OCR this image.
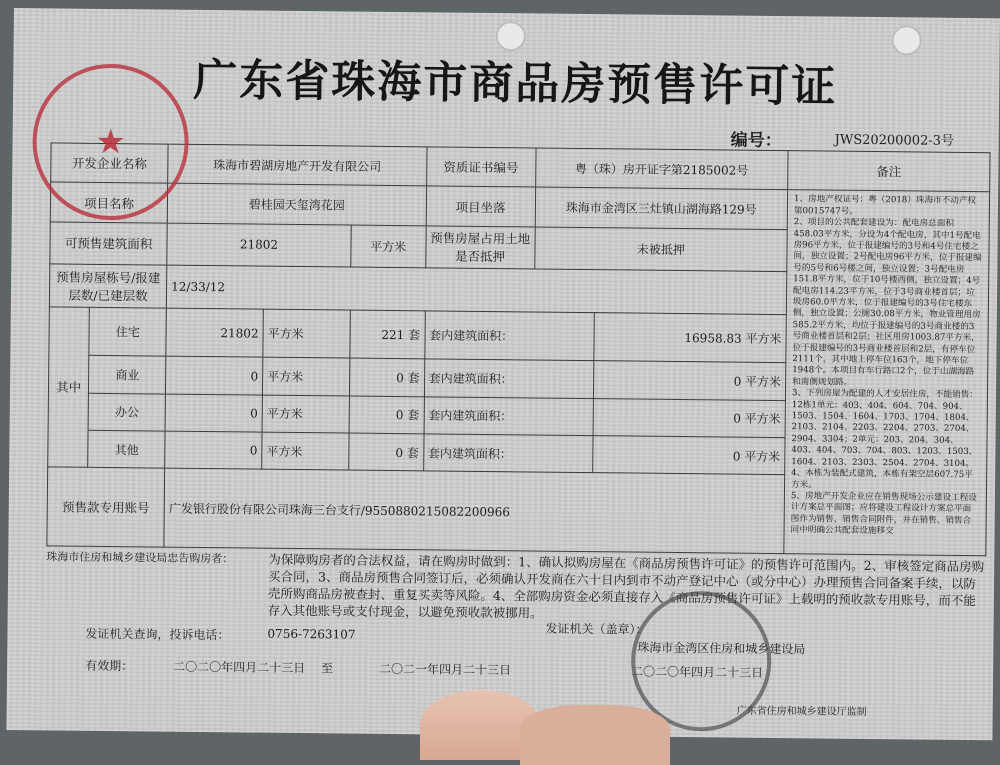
广东省珠海市商品房预售许可证
编号：	JWS20200002-3号
开发企业名称		珠海市碧湖房地产开发有限公司			资质证书编号	粤（珠）房开证字第2185002号		备注
项目名称		碧桂园天玺湾花园			项目坐落	珠海市金湾区三灶镇山湖海路129号		1、房地产权证号：粤（2018）珠海市不动产权第0015747号。
2、项目的公共配套建设为：配电房总面积458.03平方米，分设为4个配电房，其中1号配电房96平方米，位于报建编号的3号和4号住宅楼之间，独立设置；2号配电房96平方米，位于报建编号的5号和6号楼之间，独立设置；3号配电房151.8平方米，位于10号楼西侧，独立设置；4号配电房114.23平方米，位于3号商业楼首层；垃圾房60.0平方米，位于报建编号的3号住宅楼东侧，独立设置；公厕30.08平方米，物业管理用房585.2平方米，均位于报建编号的3号商业楼的3号商业楼首层和2层；社区用房1003.87平方米，位于报建编号的3号商业楼首层和2层，有停车位2111个，其中地上停车位163个，地下停车位1948个。本项目有车行路口2个，位于山湖海路和南侧规划路。
3、下列房屋为配建的人才安居住房，不能销售：12栋1单元：403、404、604、704、904、1503、1504、1604、1703、1704、1804、2103、2104、2203、2204、2703、2704、2904、3304；2单元：203、204、304、403、404、703、704、803、1203、1503、1604、2103、2303、2504、2704、3104。
4、本栋为装配式建筑，本栋有架空层607.75平方米。
5、房地产开发企业应在销售现场公示建设工程设计方案总平面图；应将建设工程设计方案总平面图作为销售、销售合同附件，并在销售、销售合同中明确公共配套设施移交

可预售建筑面积		21802		平方米	预售房屋占用土地是否抵押	未被抵押		
预售房屋栋号/报建层数/已建层数		12/33/12						
其中	住宅	21802	平方米	221 套	套内建筑面积：		16958.83 平方米	
	商业	0	平方米	0 套	套内建筑面积：		0 平方米	
	办公	0	平方米	0 套	套内建筑面积：		0 平方米	
	其他	0	平方米	0 套	套内建筑面积：		0 平方米	
预售款专用账号		广发银行股份有限公司珠海三台支行/9550880215082200966						
珠海市住房和城乡建设局忠告购房者：	为保障购房者的合法权益，请在购房时做到：1、确认拟购房屋在《商品房预售许可证》的预售许可范围内。2、审核签定商品房购买合同，3、商品房预售合同签订后，必须确认开发商在六十日内到市不动产登记中心（或分中心）办理预售合同备案手续，以防売所购商品房被查封、重复买卖等风险。4、全部购房资金必须直接存入《商品房预售许可证》上载明的预收款专用账号，而不能存入其他账号或支付现金，以避免预收款被挪用。
发证机关查询，投诉电话：	0756-7263107	发证机关（盖章）：
珠海市金湾区住房和城乡建设局
有效期：	二〇二〇年四月二十三日 至	二〇二一年四月二十三日	二〇二〇年四月二十三日
广东省住房和城乡建设厅监制
★
